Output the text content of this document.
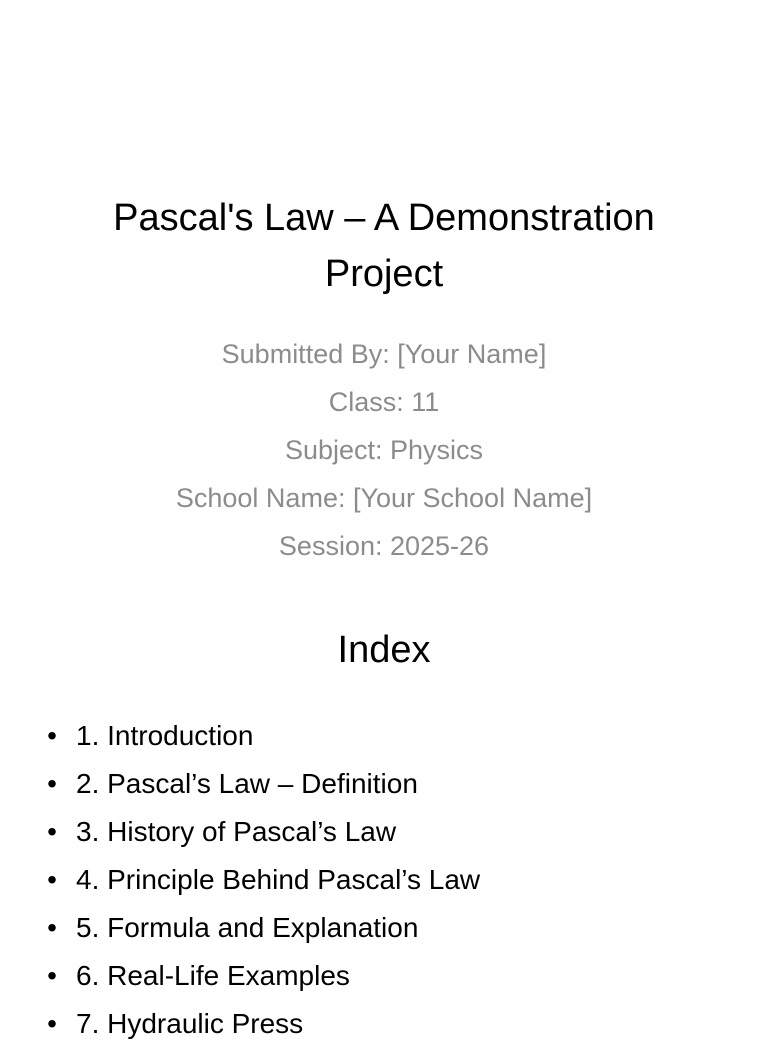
Pascal's Law – A Demonstration Project
Submitted By: [Your Name]
Class: 11
Subject: Physics
School Name: [Your School Name]
Session: 2025-26
Index
• 1. Introduction
• 2. Pascal’s Law – Definition
• 3. History of Pascal’s Law
• 4. Principle Behind Pascal’s Law
• 5. Formula and Explanation
• 6. Real-Life Examples
• 7. Hydraulic Press
